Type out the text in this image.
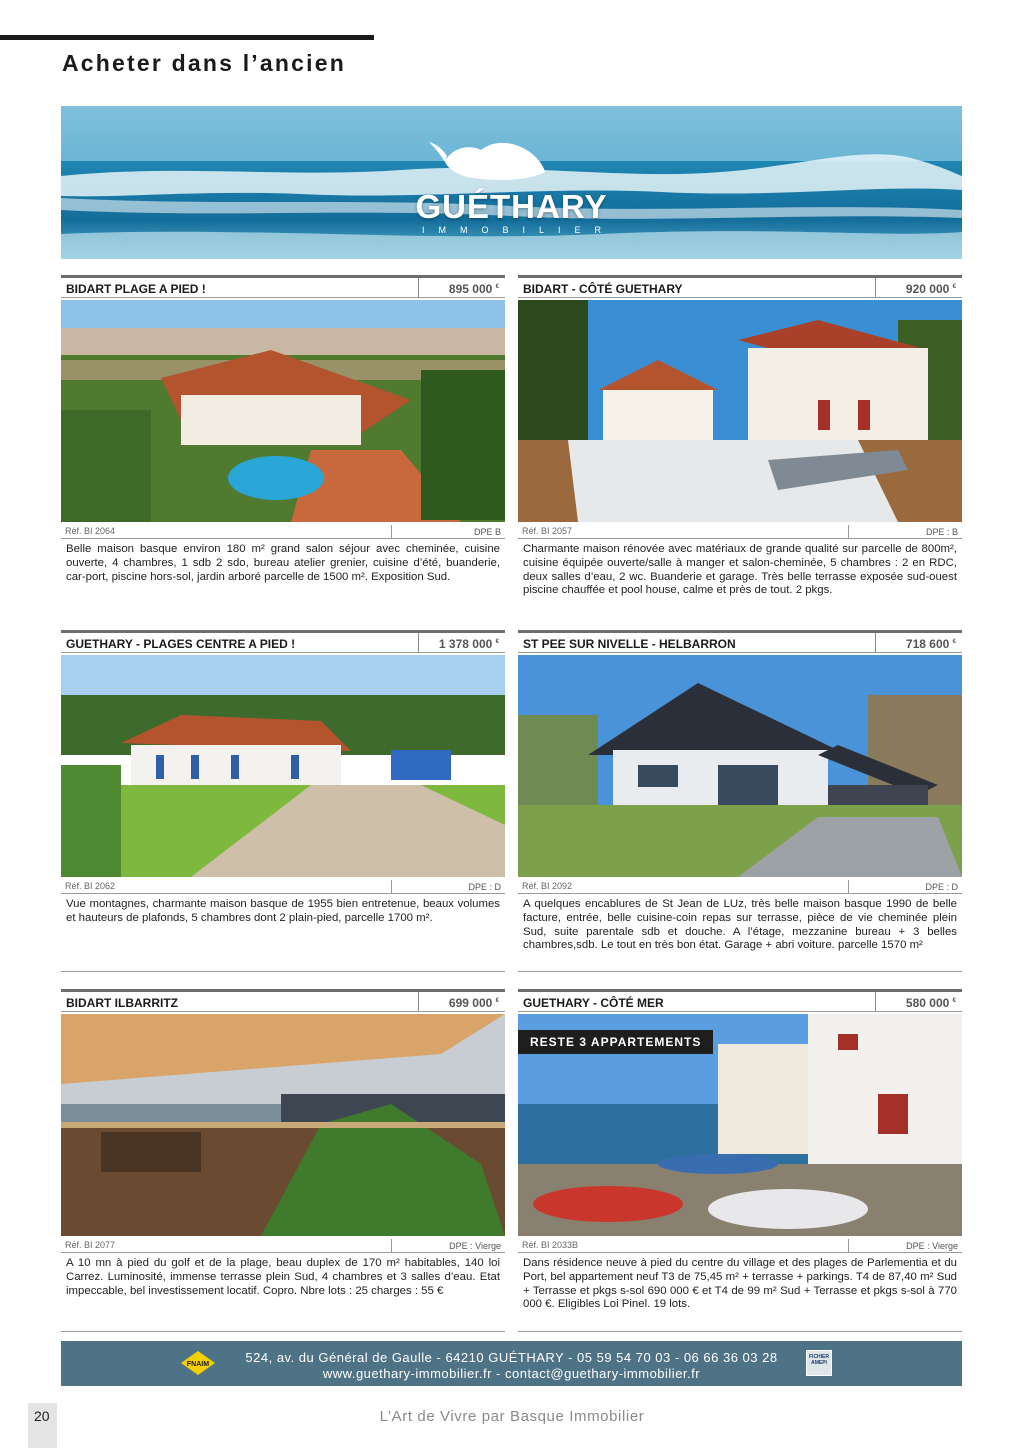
Acheter dans l’ancien
GUÉTHARY
IMMOBILIER
BIDART PLAGE A PIED !	895 000 €
Réf. BI 2064	DPE B
Belle maison basque environ 180 m² grand salon séjour avec cheminée, cuisine ouverte, 4 chambres, 1 sdb 2 sdo, bureau atelier grenier, cuisine d’été, buanderie, car-port, piscine hors-sol, jardin arboré parcelle de 1500 m². Exposition Sud.
BIDART - CÔTÉ GUETHARY	920 000 €
Réf. BI 2057	DPE : B
Charmante maison rénovée avec matériaux de grande qualité sur parcelle de 800m², cuisine équipée ouverte/salle à manger et salon-cheminée, 5 chambres : 2 en RDC, deux salles d’eau, 2 wc. Buanderie et garage. Très belle terrasse exposée sud-ouest piscine chauffée et pool house, calme et près de tout. 2 pkgs.
GUETHARY - PLAGES CENTRE A PIED !	1 378 000 €
Réf. BI 2062	DPE : D
Vue montagnes, charmante maison basque de 1955 bien entretenue, beaux volumes et hauteurs de plafonds, 5 chambres dont 2 plain-pied, parcelle 1700 m².
ST PEE SUR NIVELLE - HELBARRON	718 600 €
Réf. BI 2092	DPE : D
A quelques encablures de St Jean de LUz, très belle maison basque 1990 de belle facture, entrée, belle cuisine-coin repas sur terrasse, pièce de vie cheminée plein Sud, suite parentale sdb et douche. A l’étage, mezzanine bureau + 3 belles chambres,sdb. Le tout en très bon état. Garage + abri voiture. parcelle 1570 m²
BIDART ILBARRITZ	699 000 €
Réf. BI 2077	DPE : Vierge
A 10 mn à pied du golf et de la plage, beau duplex de 170 m² habitables, 140 loi Carrez. Luminosité, immense terrasse plein Sud, 4 chambres et 3 salles d’eau. Etat impeccable, bel investissement locatif. Copro. Nbre lots : 25 charges : 55 €
GUETHARY - CÔTÉ MER	580 000 €
RESTE 3 APPARTEMENTS
Réf. BI 2033B	DPE : Vierge
Dans résidence neuve à pied du centre du village et des plages de Parlementia et du Port, bel appartement neuf T3 de 75,45 m² + terrasse + parkings. T4 de 87,40 m² Sud + Terrasse et pkgs s-sol 690 000 € et T4 de 99 m² Sud + Terrasse et pkgs s-sol à 770 000 €. Eligibles Loi Pinel. 19 lots.
FNAIM	524, av. du Général de Gaulle - 64210 GUÉTHARY - 05 59 54 70 03 - 06 66 36 03 28
www.guethary-immobilier.fr - contact@guethary-immobilier.fr
FICHIER AMEPI
20	L’Art de Vivre par Basque Immobilier
